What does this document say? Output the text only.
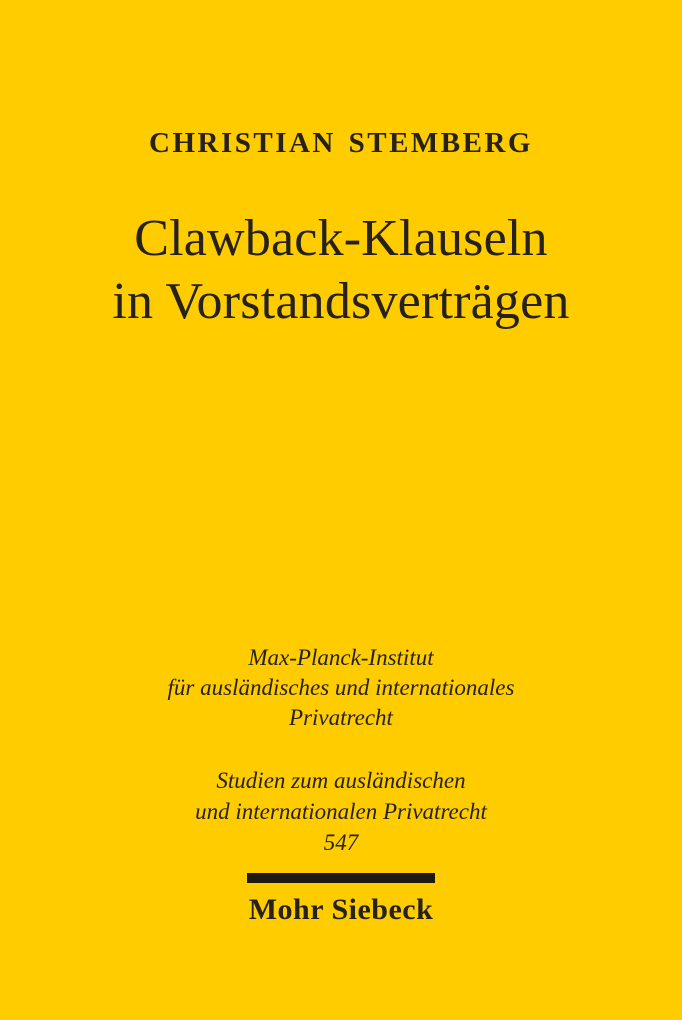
CHRISTIAN STEMBERG
Clawback-Klauseln
in Vorstandsverträgen
Max-Planck-Institut
für ausländisches und internationales
Privatrecht
Studien zum ausländischen
und internationalen Privatrecht
547
Mohr Siebeck
